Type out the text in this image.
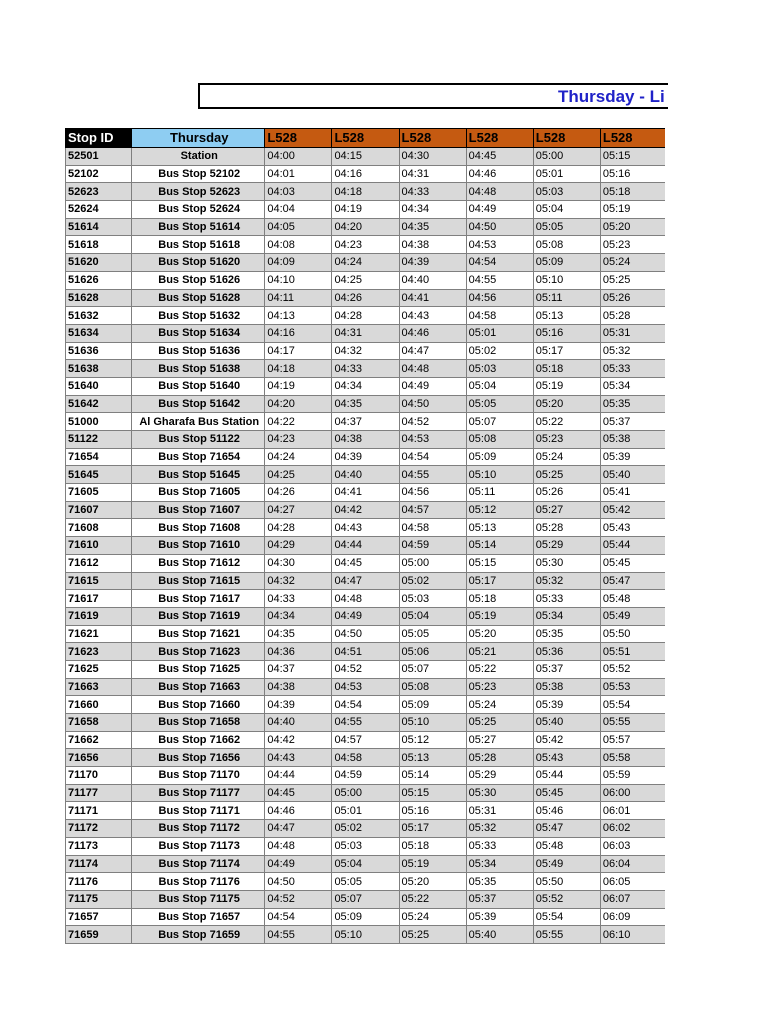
Thursday - Li
Stop ID	Thursday	L528	L528	L528	L528	L528	L528
52501	Station	04:00	04:15	04:30	04:45	05:00	05:15
52102	Bus Stop 52102	04:01	04:16	04:31	04:46	05:01	05:16
52623	Bus Stop 52623	04:03	04:18	04:33	04:48	05:03	05:18
52624	Bus Stop 52624	04:04	04:19	04:34	04:49	05:04	05:19
51614	Bus Stop 51614	04:05	04:20	04:35	04:50	05:05	05:20
51618	Bus Stop 51618	04:08	04:23	04:38	04:53	05:08	05:23
51620	Bus Stop 51620	04:09	04:24	04:39	04:54	05:09	05:24
51626	Bus Stop 51626	04:10	04:25	04:40	04:55	05:10	05:25
51628	Bus Stop 51628	04:11	04:26	04:41	04:56	05:11	05:26
51632	Bus Stop 51632	04:13	04:28	04:43	04:58	05:13	05:28
51634	Bus Stop 51634	04:16	04:31	04:46	05:01	05:16	05:31
51636	Bus Stop 51636	04:17	04:32	04:47	05:02	05:17	05:32
51638	Bus Stop 51638	04:18	04:33	04:48	05:03	05:18	05:33
51640	Bus Stop 51640	04:19	04:34	04:49	05:04	05:19	05:34
51642	Bus Stop 51642	04:20	04:35	04:50	05:05	05:20	05:35
51000	Al Gharafa Bus Station	04:22	04:37	04:52	05:07	05:22	05:37
51122	Bus Stop 51122	04:23	04:38	04:53	05:08	05:23	05:38
71654	Bus Stop 71654	04:24	04:39	04:54	05:09	05:24	05:39
51645	Bus Stop 51645	04:25	04:40	04:55	05:10	05:25	05:40
71605	Bus Stop 71605	04:26	04:41	04:56	05:11	05:26	05:41
71607	Bus Stop 71607	04:27	04:42	04:57	05:12	05:27	05:42
71608	Bus Stop 71608	04:28	04:43	04:58	05:13	05:28	05:43
71610	Bus Stop 71610	04:29	04:44	04:59	05:14	05:29	05:44
71612	Bus Stop 71612	04:30	04:45	05:00	05:15	05:30	05:45
71615	Bus Stop 71615	04:32	04:47	05:02	05:17	05:32	05:47
71617	Bus Stop 71617	04:33	04:48	05:03	05:18	05:33	05:48
71619	Bus Stop 71619	04:34	04:49	05:04	05:19	05:34	05:49
71621	Bus Stop 71621	04:35	04:50	05:05	05:20	05:35	05:50
71623	Bus Stop 71623	04:36	04:51	05:06	05:21	05:36	05:51
71625	Bus Stop 71625	04:37	04:52	05:07	05:22	05:37	05:52
71663	Bus Stop 71663	04:38	04:53	05:08	05:23	05:38	05:53
71660	Bus Stop 71660	04:39	04:54	05:09	05:24	05:39	05:54
71658	Bus Stop 71658	04:40	04:55	05:10	05:25	05:40	05:55
71662	Bus Stop 71662	04:42	04:57	05:12	05:27	05:42	05:57
71656	Bus Stop 71656	04:43	04:58	05:13	05:28	05:43	05:58
71170	Bus Stop 71170	04:44	04:59	05:14	05:29	05:44	05:59
71177	Bus Stop 71177	04:45	05:00	05:15	05:30	05:45	06:00
71171	Bus Stop 71171	04:46	05:01	05:16	05:31	05:46	06:01
71172	Bus Stop 71172	04:47	05:02	05:17	05:32	05:47	06:02
71173	Bus Stop 71173	04:48	05:03	05:18	05:33	05:48	06:03
71174	Bus Stop 71174	04:49	05:04	05:19	05:34	05:49	06:04
71176	Bus Stop 71176	04:50	05:05	05:20	05:35	05:50	06:05
71175	Bus Stop 71175	04:52	05:07	05:22	05:37	05:52	06:07
71657	Bus Stop 71657	04:54	05:09	05:24	05:39	05:54	06:09
71659	Bus Stop 71659	04:55	05:10	05:25	05:40	05:55	06:10
